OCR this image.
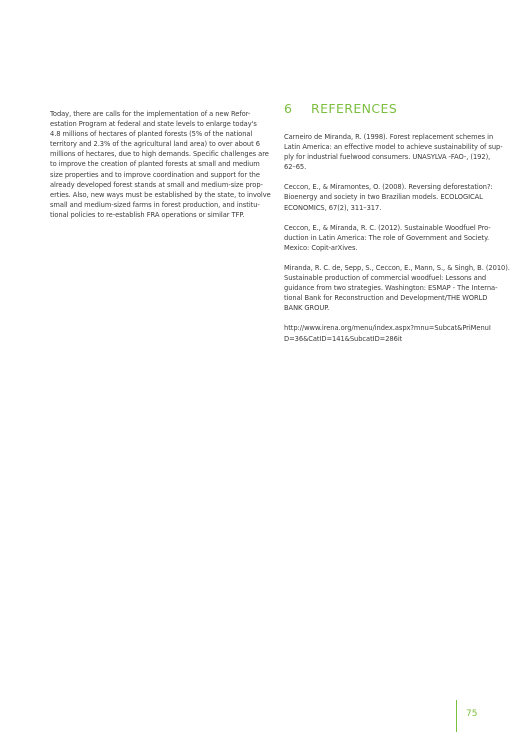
Today, there are calls for the implementation of a new Refor-
estation Program at federal and state levels to enlarge today's
4.8 millions of hectares of planted forests (5% of the national
territory and 2.3% of the agricultural land area) to over about 6
millions of hectares, due to high demands. Specific challenges are
to improve the creation of planted forests at small and medium
size properties and to improve coordination and support for the
already developed forest stands at small and medium-size prop-
erties. Also, new ways must be established by the state, to involve
small and medium-sized farms in forest production, and institu-
tional policies to re-establish FRA operations or similar TFP.
6 REFERENCES
Carneiro de Miranda, R. (1998). Forest replacement schemes in
Latin America: an effective model to achieve sustainability of sup-
ply for industrial fuelwood consumers. UNASYLVA -FAO-, (192),
62–65.
Ceccon, E., & Miramontes, O. (2008). Reversing deforestation?:
Bioenergy and society in two Brazilian models. ECOLOGICAL
ECONOMICS, 67(2), 311–317.
Ceccon, E., & Miranda, R. C. (2012). Sustainable Woodfuel Pro-
duction in Latin America: The role of Government and Society.
Mexico: Copit-arXives.
Miranda, R. C. de, Sepp, S., Ceccon, E., Mann, S., & Singh, B. (2010).
Sustainable production of commercial woodfuel: Lessons and
guidance from two strategies. Washington: ESMAP - The Interna-
tional Bank for Reconstruction and Development/THE WORLD
BANK GROUP.
http://www.irena.org/menu/index.aspx?mnu=Subcat&PriMenuI
D=36&CatID=141&SubcatID=286it
75
